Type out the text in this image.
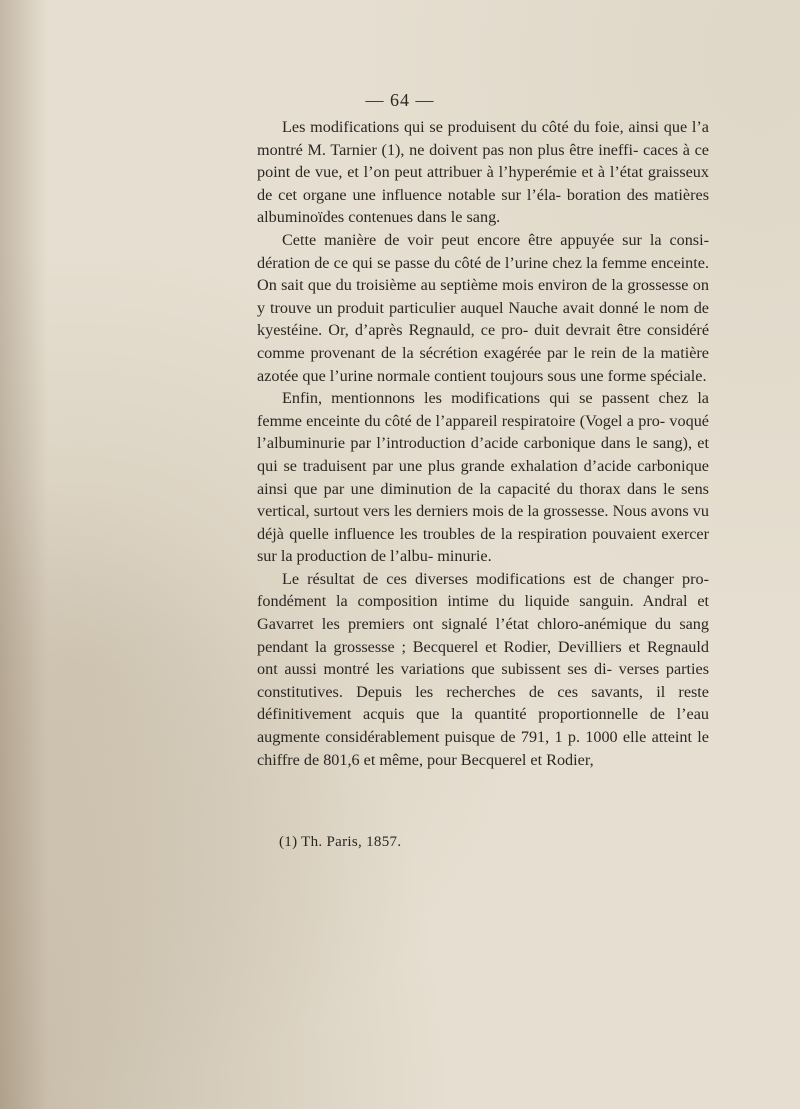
— 64 —

Les modifications qui se produisent du côté du foie, ainsi que l’a montré M. Tarnier (1), ne doivent pas non plus être ineffi- caces à ce point de vue, et l’on peut attribuer à l’hyperémie et à l’état graisseux de cet organe une influence notable sur l’éla- boration des matières albuminoïdes contenues dans le sang.

Cette manière de voir peut encore être appuyée sur la consi- dération de ce qui se passe du côté de l’urine chez la femme enceinte. On sait que du troisième au septième mois environ de la grossesse on y trouve un produit particulier auquel Nauche avait donné le nom de kyestéine. Or, d’après Regnauld, ce pro- duit devrait être considéré comme provenant de la sécrétion exagérée par le rein de la matière azotée que l’urine normale contient toujours sous une forme spéciale.

Enfin, mentionnons les modifications qui se passent chez la femme enceinte du côté de l’appareil respiratoire (Vogel a pro- voqué l’albuminurie par l’introduction d’acide carbonique dans le sang), et qui se traduisent par une plus grande exhalation d’acide carbonique ainsi que par une diminution de la capacité du thorax dans le sens vertical, surtout vers les derniers mois de la grossesse. Nous avons vu déjà quelle influence les troubles de la respiration pouvaient exercer sur la production de l’albu- minurie.

Le résultat de ces diverses modifications est de changer pro- fondément la composition intime du liquide sanguin. Andral et Gavarret les premiers ont signalé l’état chloro-anémique du sang pendant la grossesse ; Becquerel et Rodier, Devilliers et Regnauld ont aussi montré les variations que subissent ses di- verses parties constitutives. Depuis les recherches de ces savants, il reste définitivement acquis que la quantité proportionnelle de l’eau augmente considérablement puisque de 791, 1 p. 1000 elle atteint le chiffre de 801,6 et même, pour Becquerel et Rodier,

(1) Th. Paris, 1857.
